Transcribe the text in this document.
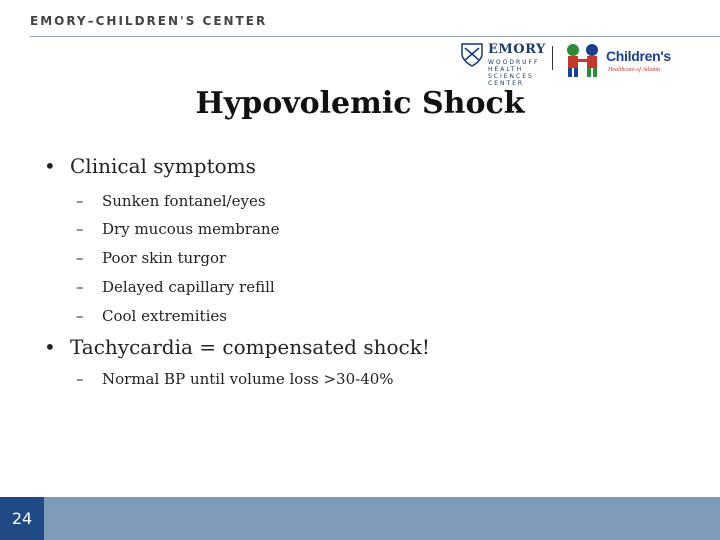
EMORY–CHILDREN'S CENTER
EMORY
WOODRUFF
HEALTH
SCIENCES
CENTER
Children's
Healthcare of Atlanta
Hypovolemic Shock
• Clinical symptoms
– Sunken fontanel/eyes
– Dry mucous membrane
– Poor skin turgor
– Delayed capillary refill
– Cool extremities
• Tachycardia = compensated shock!
– Normal BP until volume loss >30-40%
24
